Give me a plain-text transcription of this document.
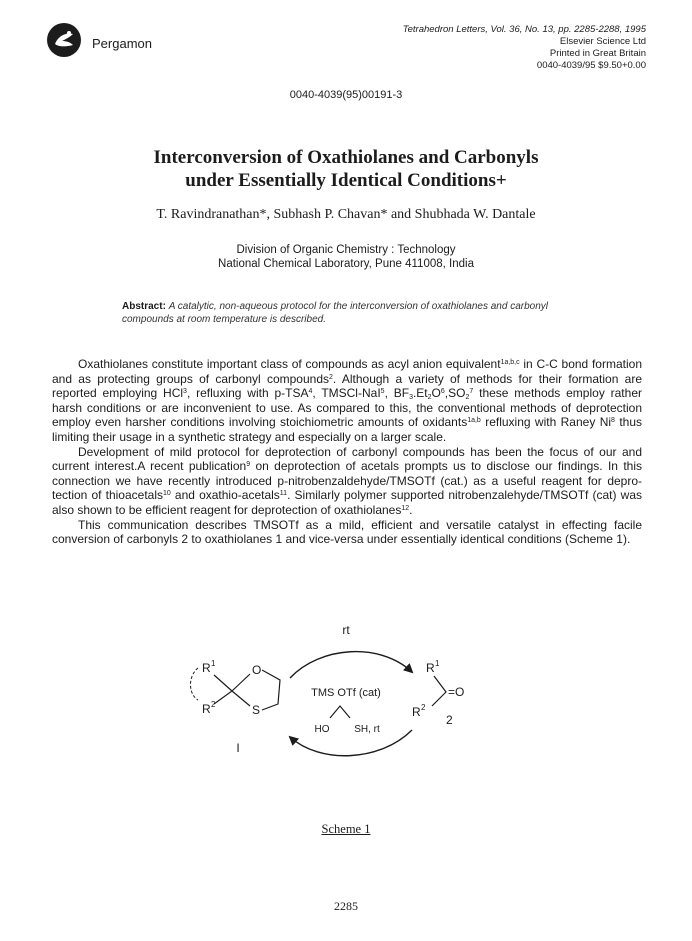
Pergamon
Tetrahedron Letters, Vol. 36, No. 13, pp. 2285-2288, 1995
Elsevier Science Ltd
Printed in Great Britain
0040-4039/95 $9.50+0.00
0040-4039(95)00191-3
Interconversion of Oxathiolanes and Carbonyls
under Essentially Identical Conditions+
T. Ravindranathan*, Subhash P. Chavan* and Shubhada W. Dantale
Division of Organic Chemistry : Technology
National Chemical Laboratory, Pune 411008, India
Abstract: A catalytic, non-aqueous protocol for the interconversion of oxathiolanes and carbonyl compounds at room temperature is described.

Oxathiolanes constitute important class of compounds as acyl anion equivalent$^{1a,b,c}$ in C-C bond formation and as protecting groups of carbonyl compounds$^2$. Although a variety of methods for their formation are reported employing HCl$^3$, refluxing with p-TSA$^4$, TMSCl-NaI$^5$, $BF_3.Et_2O^6,SO_2^7$ these methods employ rather harsh conditions or are inconvenient to use. As compared to this, the conventional methods of deprotection employ even harsher conditions involving stoichiometric amounts of oxidants$^{1a,b}$ refluxing with Raney Ni$^8$ thus limiting their usage in a synthetic strategy and especially on a larger scale.

Development of mild protocol for deprotection of carbonyl compounds has been the focus of our and current interest.A recent publication$^9$ on deprotection of acetals prompts us to disclose our findings. In this connection we have recently introduced p-nitrobenzaldehyde/TMSOTf (cat.) as a useful reagent for depro-tection of thioacetals$^{10}$ and oxathio-acetals$^{11}$. Similarly polymer supported nitrobenzalehyde/TMSOTf (cat) was also shown to be efficient reagent for deprotection of oxathiolanes$^{12}$.

This communication describes TMSOTf as a mild, efficient and versatile catalyst in effecting facile conversion of carbonyls 2 to oxathiolanes 1 and vice-versa under essentially identical conditions (Scheme 1).

rt
TMS OTf (cat)
HO SH, rt
R 1
R 2
O
S
I
R 1
=O
R 2
2
Scheme 1
2285
